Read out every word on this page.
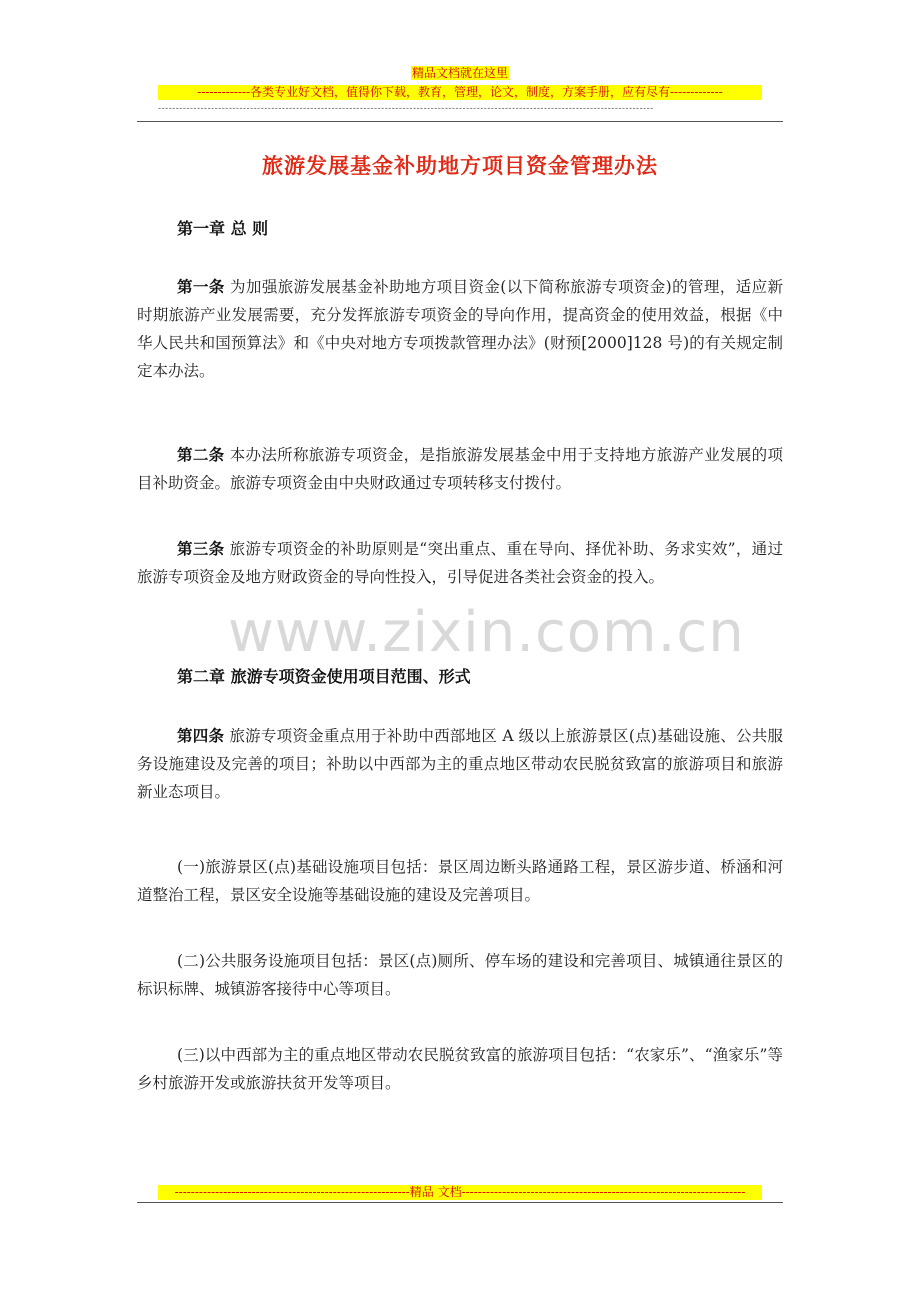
精品文档就在这里
-------------各类专业好文档，值得你下载，教育，管理，论文，制度，方案手册，应有尽有-------------
--------------------------------------------------------------------------------------------------------------------------------------------
旅游发展基金补助地方项目资金管理办法
www.zixin.com.cn
第一章 总 则
第一条 为加强旅游发展基金补助地方项目资金(以下简称旅游专项资金)的管理，适应新时期旅游产业发展需要，充分发挥旅游专项资金的导向作用，提高资金的使用效益，根据《中华人民共和国预算法》和《中央对地方专项拨款管理办法》(财预[2000]128 号)的有关规定制定本办法。
第二条 本办法所称旅游专项资金，是指旅游发展基金中用于支持地方旅游产业发展的项目补助资金。旅游专项资金由中央财政通过专项转移支付拨付。
第三条 旅游专项资金的补助原则是“突出重点、重在导向、择优补助、务求实效”，通过旅游专项资金及地方财政资金的导向性投入，引导促进各类社会资金的投入。
第二章 旅游专项资金使用项目范围、形式
第四条 旅游专项资金重点用于补助中西部地区 A 级以上旅游景区(点)基础设施、公共服务设施建设及完善的项目；补助以中西部为主的重点地区带动农民脱贫致富的旅游项目和旅游新业态项目。
(一)旅游景区(点)基础设施项目包括：景区周边断头路通路工程，景区游步道、桥涵和河道整治工程，景区安全设施等基础设施的建设及完善项目。
(二)公共服务设施项目包括：景区(点)厕所、停车场的建设和完善项目、城镇通往景区的标识标牌、城镇游客接待中心等项目。
(三)以中西部为主的重点地区带动农民脱贫致富的旅游项目包括：“农家乐”、“渔家乐”等乡村旅游开发或旅游扶贫开发等项目。
----------------------------------------------------------精品 文档----------------------------------------------------------------------
